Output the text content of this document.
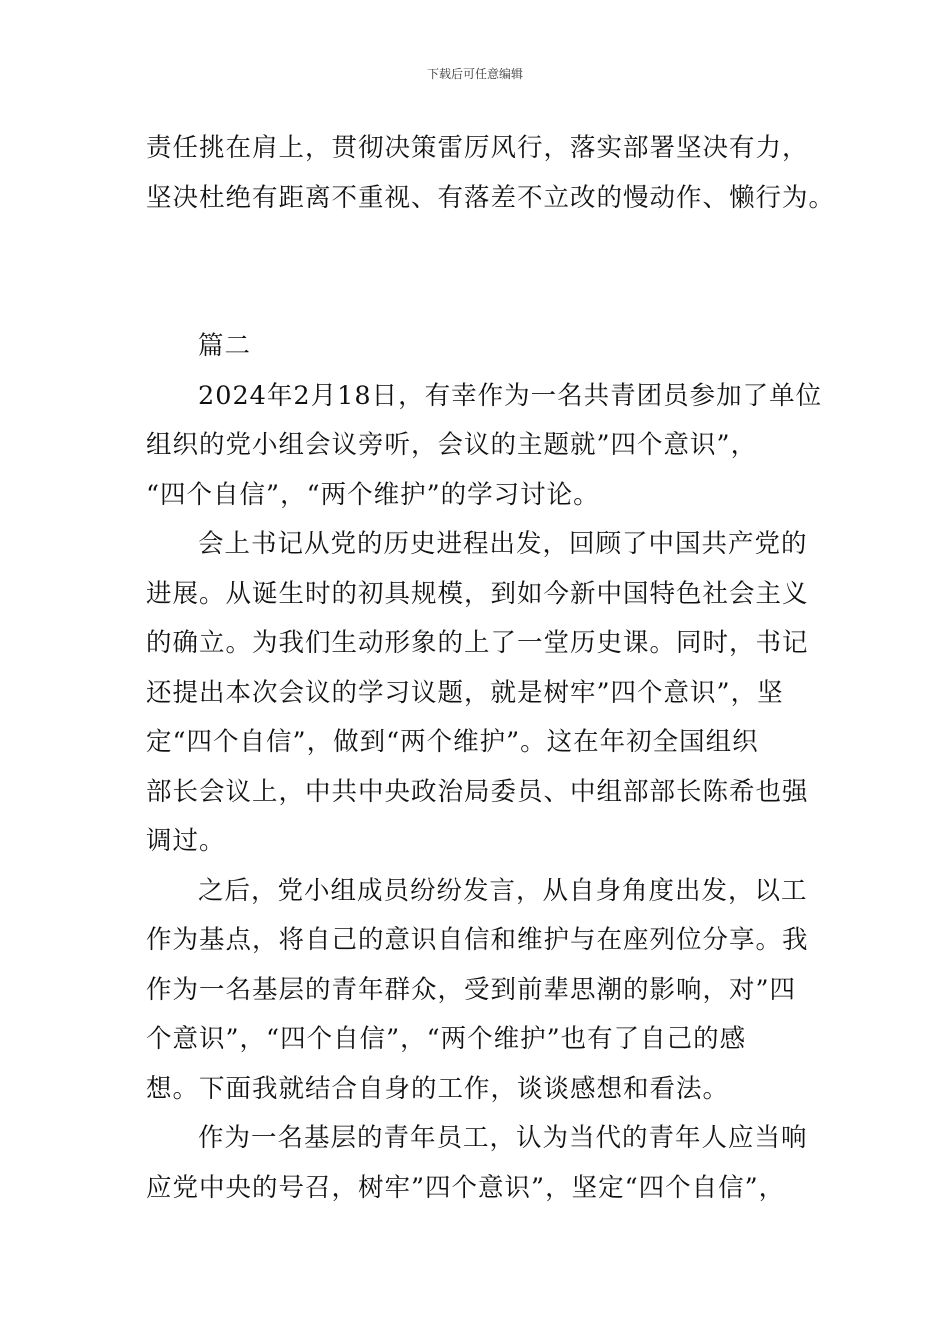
下载后可任意编辑
责任挑在肩上，贯彻决策雷厉风行，落实部署坚决有力，
坚决杜绝有距离不重视、有落差不立改的慢动作、懒行为。
篇二
2024年2月18日，有幸作为一名共青团员参加了单位
组织的党小组会议旁听，会议的主题就”四个意识”，
“四个自信”，“两个维护”的学习讨论。
会上书记从党的历史进程出发，回顾了中国共产党的
进展。从诞生时的初具规模，到如今新中国特色社会主义
的确立。为我们生动形象的上了一堂历史课。同时，书记
还提出本次会议的学习议题，就是树牢”四个意识”，坚
定“四个自信”，做到“两个维护”。这在年初全国组织
部长会议上，中共中央政治局委员、中组部部长陈希也强
调过。
之后，党小组成员纷纷发言，从自身角度出发，以工
作为基点，将自己的意识自信和维护与在座列位分享。我
作为一名基层的青年群众，受到前辈思潮的影响，对”四
个意识”，“四个自信”，“两个维护”也有了自己的感
想。下面我就结合自身的工作，谈谈感想和看法。
作为一名基层的青年员工，认为当代的青年人应当响
应党中央的号召，树牢”四个意识”，坚定“四个自信”，
